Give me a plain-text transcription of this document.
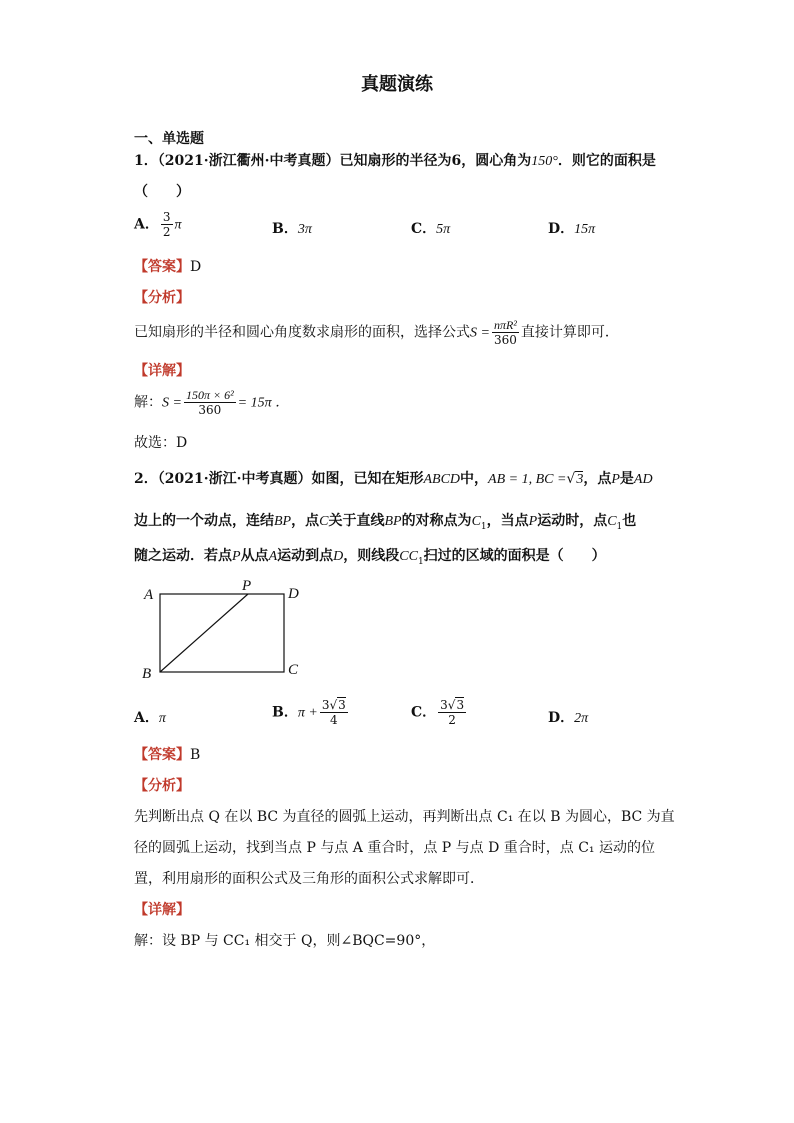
真题演练
一、单选题
1．（2021·浙江衢州·中考真题）已知扇形的半径为6，圆心角为150°．则它的面积是
（　　）
A． $\frac{3}{2}$ π	B．3π	C．5π	D．15π
【答案】D
【分析】
已知扇形的半径和圆心角度数求扇形的面积，选择公式$S = \frac{\text{nπR²}}{360}$ 直接计算即可．
【详解】
解：$S = \frac{\text{150π × 6²}}{360} = 15\pi$ ．
故选：D
2．（2021·浙江·中考真题）如图，已知在矩形ABCD中，AB = 1, BC =√3，点P是AD
边上的一个动点，连结BP，点C关于直线BP的对称点为$C_1$，当点P运动时，点$C_1$也
随之运动．若点P从点A运动到点D，则线段$CC_1$扫过的区域的面积是（　　）
A
P D
B	C
A．π	B．$\pi + \frac{3√3}{4}$	C． $\frac{3√3}{2}$	D．2π
【答案】B
【分析】
先判断出点 Q 在以 BC 为直径的圆弧上运动，再判断出点 C₁ 在以 B 为圆心，BC 为直
径的圆弧上运动，找到当点 P 与点 A 重合时，点 P 与点 D 重合时，点 C₁ 运动的位
置，利用扇形的面积公式及三角形的面积公式求解即可．
【详解】
解：设 BP 与 CC₁ 相交于 Q，则∠BQC=90°，
